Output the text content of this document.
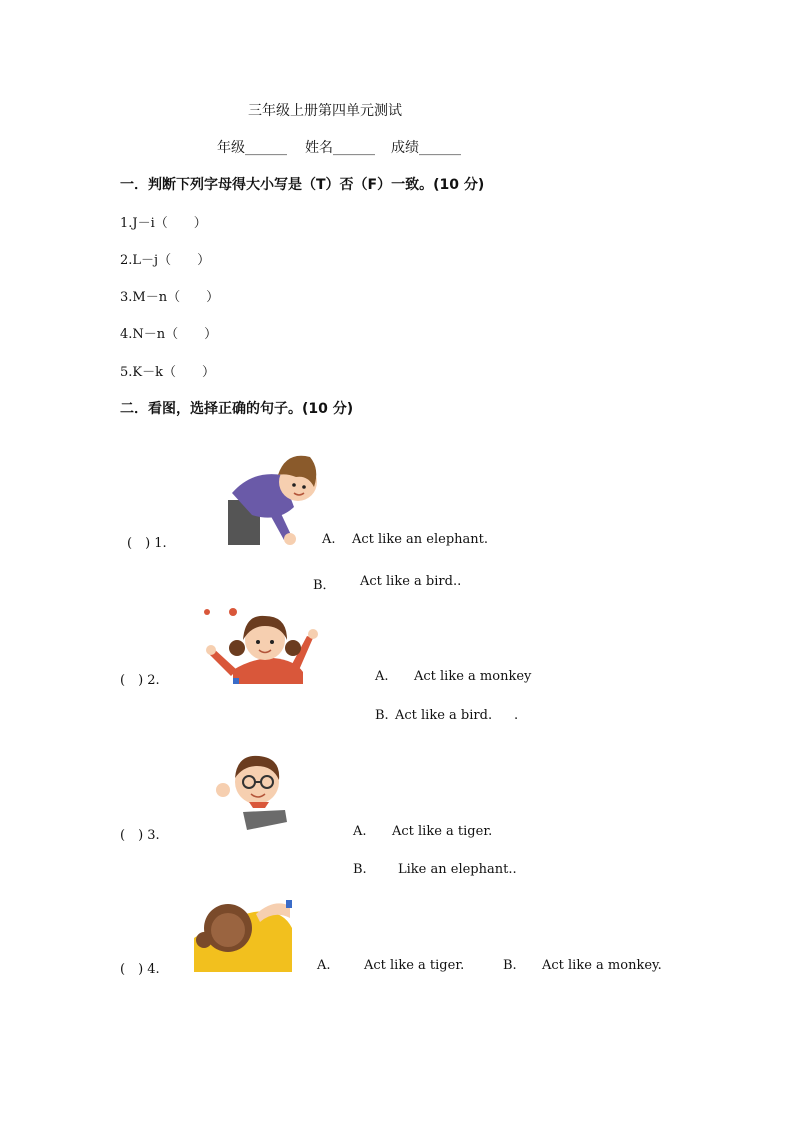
三年级上册第四单元测试
年级______ 姓名______ 成绩______
一．判断下列字母得大小写是（T）否（F）一致。(10 分)
1.J－i（　　）
2.L－j（　　）
3.M－n（　　）
4.N－n（　　）
5.K－k（　　）
二．看图，选择正确的句子。(10 分)
(　) 1.	A. Act like an elephant.
B． Act like a bird..
(　) 2.	A. Act like a monkey
B. Act like a bird. .
(　) 3.	A. Act like a tiger.
B. Like an elephant..
(　) 4.	A.	Act like a tiger.	B. Act like a monkey.
